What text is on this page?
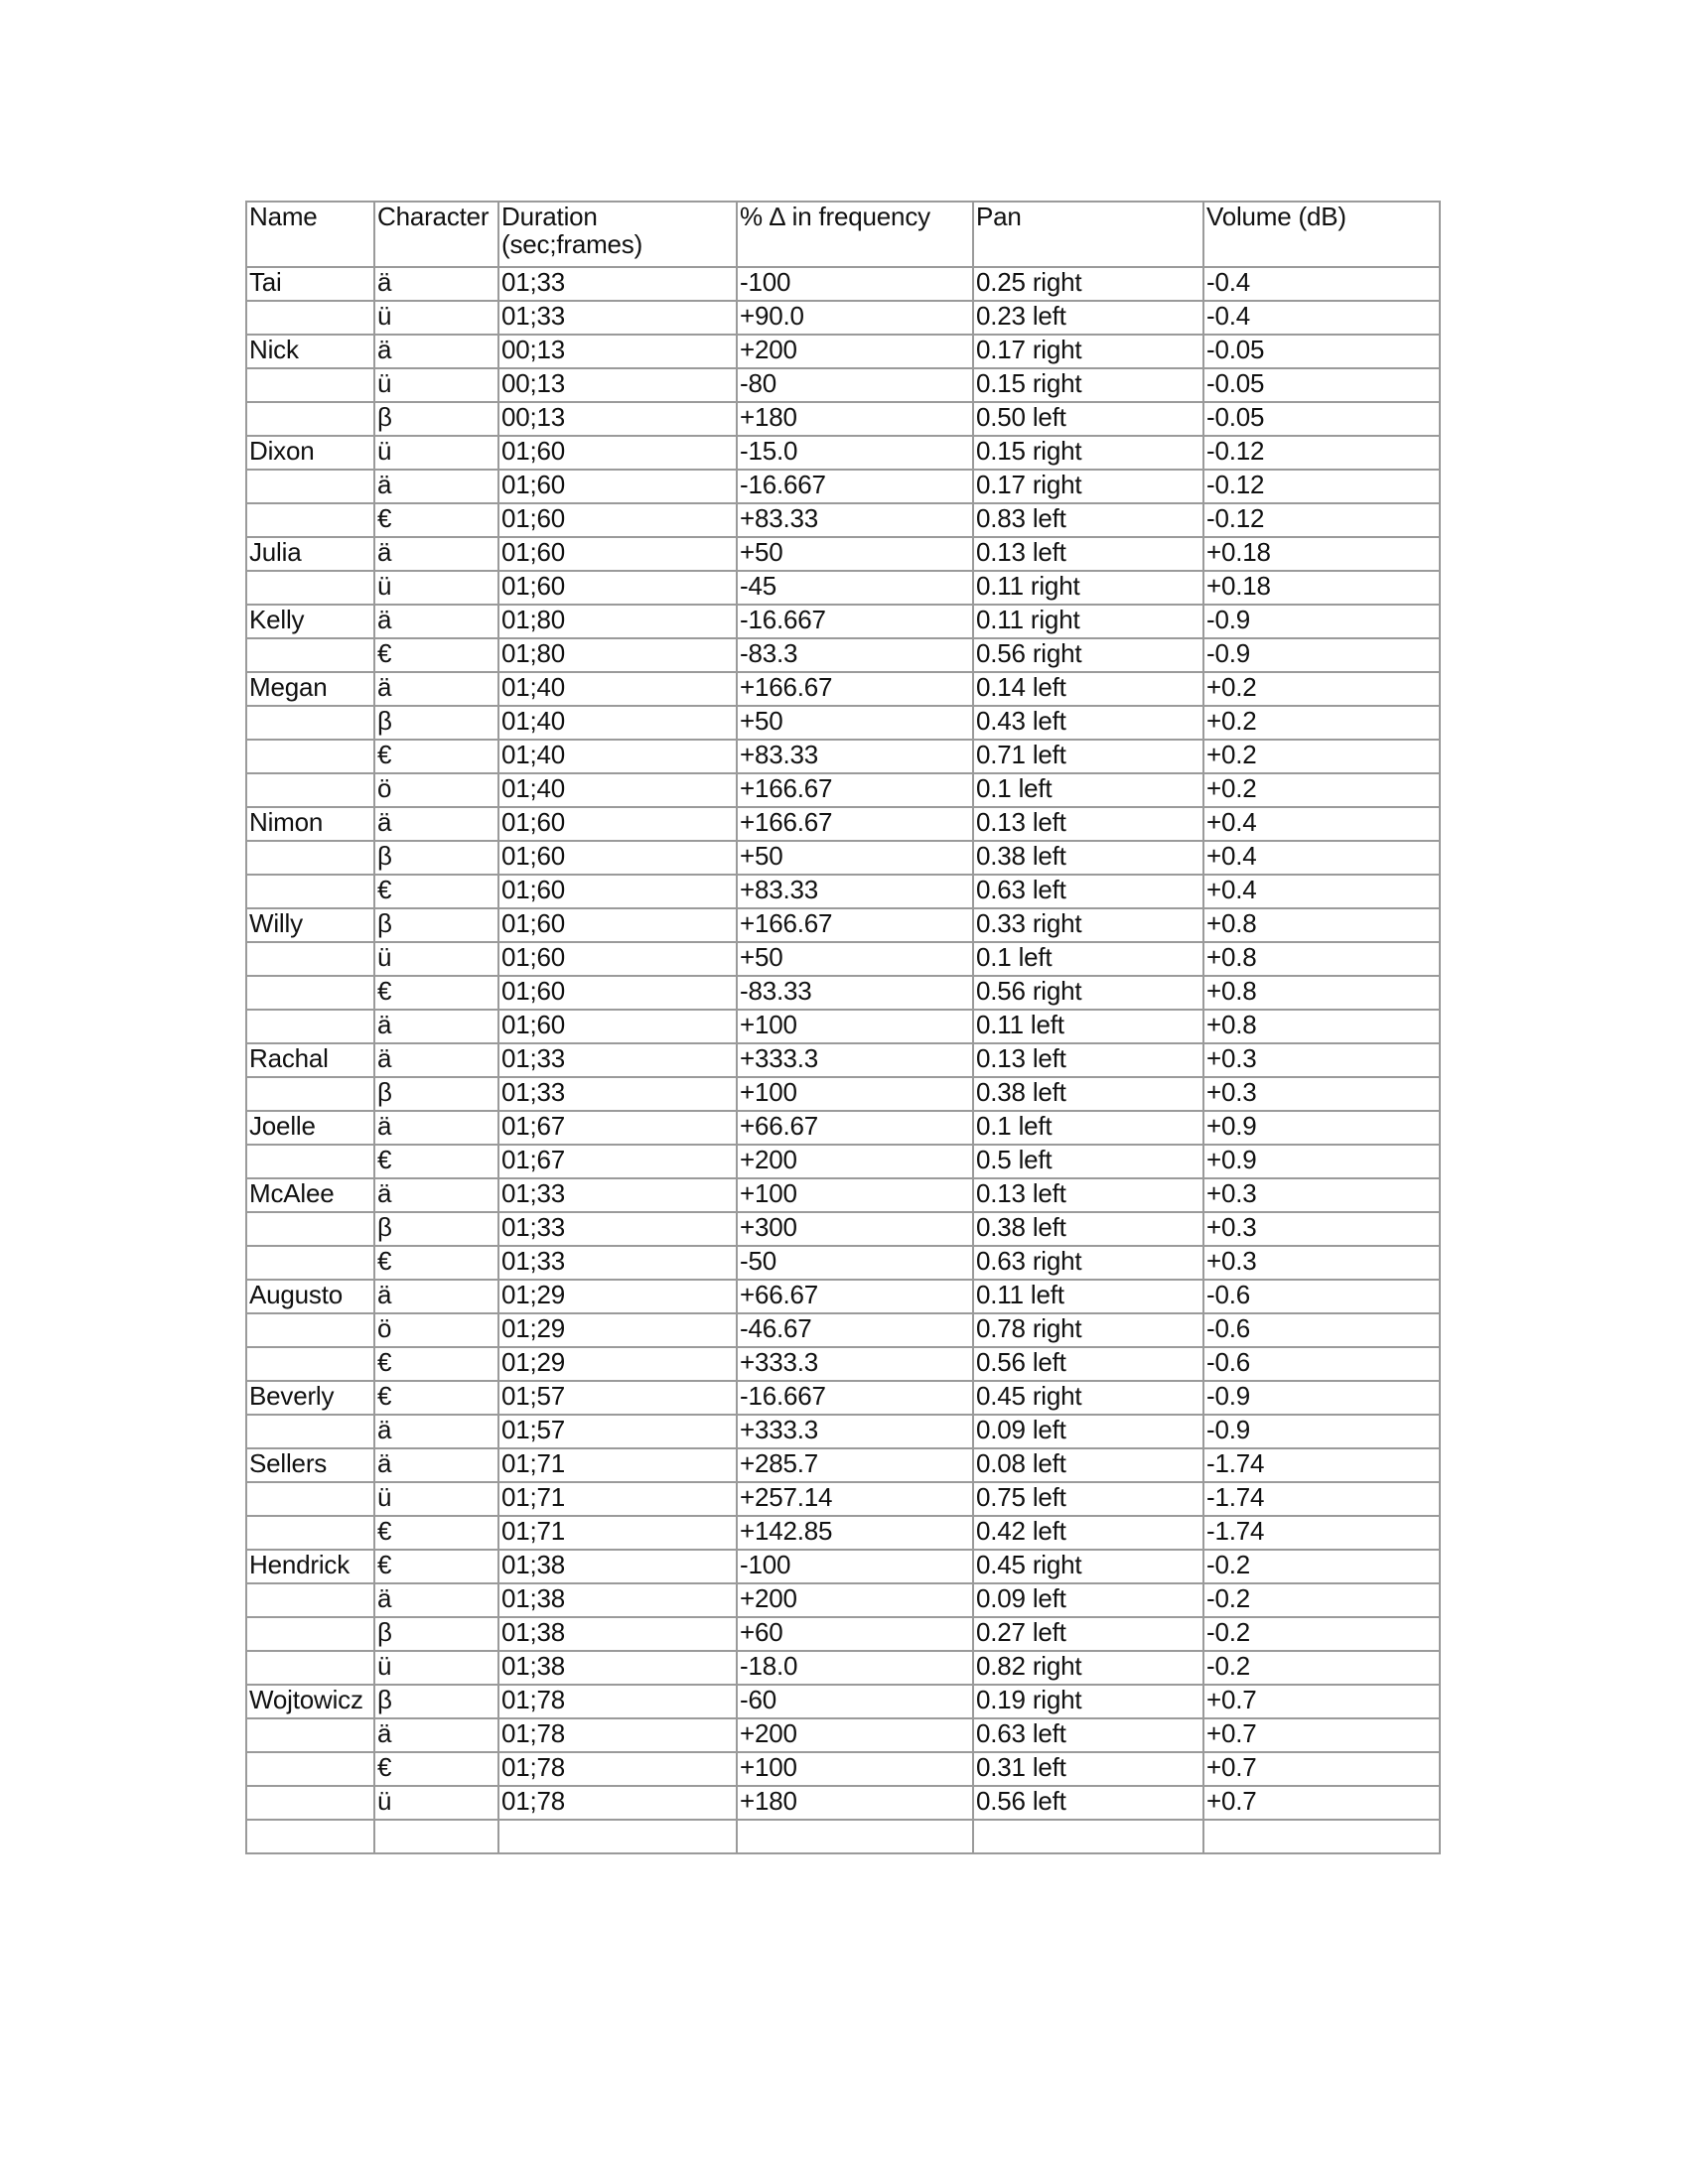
Name	Character	Duration (sec;frames)	% ∆ in frequency	Pan	Volume (dB)
Tai	ä	01;33	-100	0.25 right	-0.4
	ü	01;33	+90.0	0.23 left	-0.4
Nick	ä	00;13	+200	0.17 right	-0.05
	ü	00;13	-80	0.15 right	-0.05
	β	00;13	+180	0.50 left	-0.05
Dixon	ü	01;60	-15.0	0.15 right	-0.12
	ä	01;60	-16.667	0.17 right	-0.12
	€	01;60	+83.33	0.83 left	-0.12
Julia	ä	01;60	+50	0.13 left	+0.18
	ü	01;60	-45	0.11 right	+0.18
Kelly	ä	01;80	-16.667	0.11 right	-0.9
	€	01;80	-83.3	0.56 right	-0.9
Megan	ä	01;40	+166.67	0.14 left	+0.2
	β	01;40	+50	0.43 left	+0.2
	€	01;40	+83.33	0.71 left	+0.2
	ö	01;40	+166.67	0.1 left	+0.2
Nimon	ä	01;60	+166.67	0.13 left	+0.4
	β	01;60	+50	0.38 left	+0.4
	€	01;60	+83.33	0.63 left	+0.4
Willy	β	01;60	+166.67	0.33 right	+0.8
	ü	01;60	+50	0.1 left	+0.8
	€	01;60	-83.33	0.56 right	+0.8
	ä	01;60	+100	0.11 left	+0.8
Rachal	ä	01;33	+333.3	0.13 left	+0.3
	β	01;33	+100	0.38 left	+0.3
Joelle	ä	01;67	+66.67	0.1 left	+0.9
	€	01;67	+200	0.5 left	+0.9
McAlee	ä	01;33	+100	0.13 left	+0.3
	β	01;33	+300	0.38 left	+0.3
	€	01;33	-50	0.63 right	+0.3
Augusto	ä	01;29	+66.67	0.11 left	-0.6
	ö	01;29	-46.67	0.78 right	-0.6
	€	01;29	+333.3	0.56 left	-0.6
Beverly	€	01;57	-16.667	0.45 right	-0.9
	ä	01;57	+333.3	0.09 left	-0.9
Sellers	ä	01;71	+285.7	0.08 left	-1.74
	ü	01;71	+257.14	0.75 left	-1.74
	€	01;71	+142.85	0.42 left	-1.74
Hendrick	€	01;38	-100	0.45 right	-0.2
	ä	01;38	+200	0.09 left	-0.2
	β	01;38	+60	0.27 left	-0.2
	ü	01;38	-18.0	0.82 right	-0.2
Wojtowicz	β	01;78	-60	0.19 right	+0.7
	ä	01;78	+200	0.63 left	+0.7
	€	01;78	+100	0.31 left	+0.7
	ü	01;78	+180	0.56 left	+0.7
